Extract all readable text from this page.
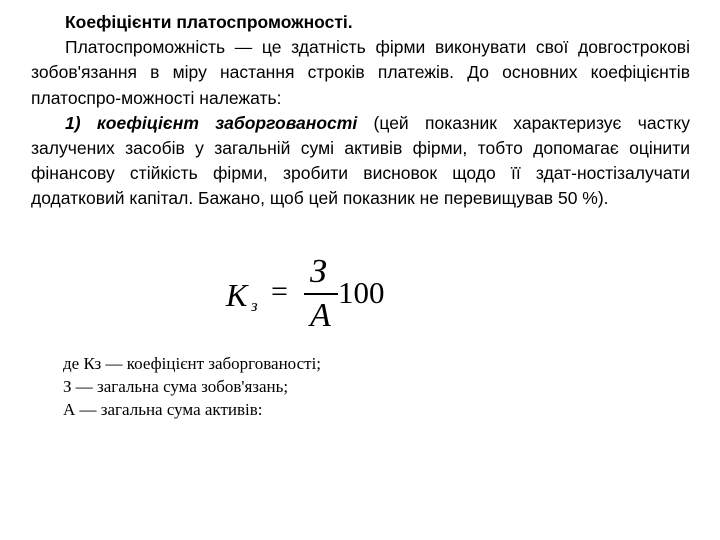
Коефіцієнти платоспроможності.

Платоспроможність — це здатність фірми виконувати свої довгострокові зобов'язання в міру настання строків платежів. До основних коефіцієнтів платоспро-можності належать:

1) коефіцієнт заборгованості (цей показник характеризує частку залучених засобів у загальній сумі активів фірми, тобто допомагає оцінити фінансову стійкість фірми, зробити висновок щодо її здат-ностізалучати додатковий капітал. Бажано, щоб цей показник не перевищував 50 %).

K з =
З
А
100

де Кз — коефіцієнт заборгованості;

З — загальна сума зобов'язань;

А — загальна сума активів:
